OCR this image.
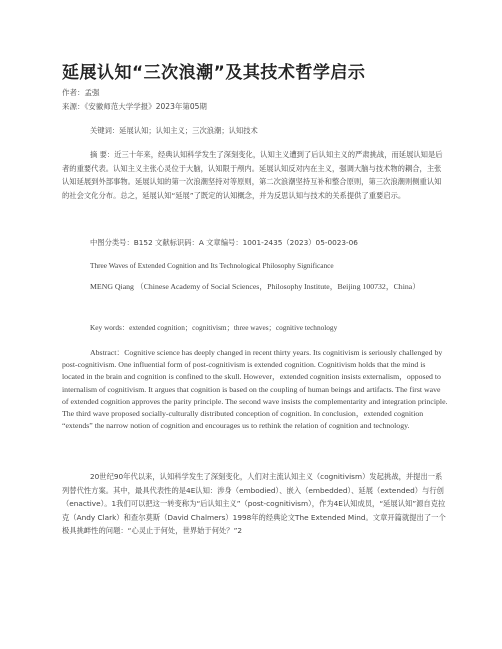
延展认知“三次浪潮”及其技术哲学启示
作者：孟强
来源：《安徽师范大学学报》2023年第05期
关键词：延展认知；认知主义；三次浪潮；认知技术

摘 要：近三十年来，经典认知科学发生了深刻变化，认知主义遭到了后认知主义的严肃挑战，而延展认知是后者的重要代表。认知主义主张心灵位于大脑，认知限于颅内。延展认知反对内在主义，强调大脑与技术物的耦合，主张认知延展到外部事物。延展认知的第一次浪潮坚持对等原则，第二次浪潮坚持互补和整合原则，第三次浪潮则侧重认知的社会文化分布。总之，延展认知“延展”了既定的认知概念，并为反思认知与技术的关系提供了重要启示。

中图分类号：B152 文献标识码：A 文章编号：1001-2435（2023）05-0023-06
Three Waves of Extended Cognition and Its Technological Philosophy Significance

MENG Qiang （Chinese Academy of Social Sciences，Philosophy Institute，Beijing 100732，China）

Key words：extended cognition；cognitivism；three waves；cognitive technology

Abstract：Cognitive science has deeply changed in recent thirty years. Its cognitivism is seriously challenged by post-cognitivism. One influential form of post-cognitivism is extended cognition. Cognitivism holds that the mind is located in the brain and cognition is confined to the skull. However，extended cognition insists externalism，opposed to internalism of cognitivism. It argues that cognition is based on the coupling of human beings and artifacts. The first wave of extended cognition approves the parity principle. The second wave insists the complementarity and integration principle. The third wave proposed socially-culturally distributed conception of cognition. In conclusion，extended cognition “extends” the narrow notion of cognition and encourages us to rethink the relation of cognition and technology.

20世纪90年代以来，认知科学发生了深刻变化，人们对主流认知主义（cognitivism）发起挑战，并提出一系列替代性方案。其中，最具代表性的是4E认知：涉身（embodied）、嵌入（embedded）、延展（extended）与行创（enactive）。1我们可以把这一转变称为“后认知主义”（post-cognitivism），作为4E认知成员，“延展认知”源自克拉克（Andy Clark）和查尔莫斯（David Chalmers）1998年的经典论文The Extended Mind。文章开篇就提出了一个极具挑衅性的问题：“心灵止于何处，世界始于何处？”2
